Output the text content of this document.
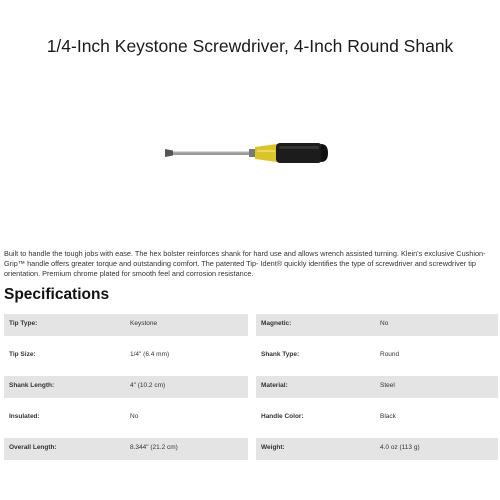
1/4-Inch Keystone Screwdriver, 4-Inch Round Shank
Built to handle the tough jobs with ease. The hex bolster reinforces shank for hard use and allows wrench assisted turning. Klein's exclusive Cushion-Grip™ handle offers greater torque and outstanding comfort. The patented Tip- Ident® quickly identifies the type of screwdriver and screwdriver tip orientation. Premium chrome plated for smooth feel and corrosion resistance.
Specifications
Tip Type:	Keystone	Magnetic:	No
Tip Size:	1/4" (6.4 mm)	Shank Type:	Round
Shank Length:	4" (10.2 cm)	Material:	Steel
Insulated:	No	Handle Color:	Black
Overall Length:	8.344" (21.2 cm)	Weight:	4.0 oz (113 g)
